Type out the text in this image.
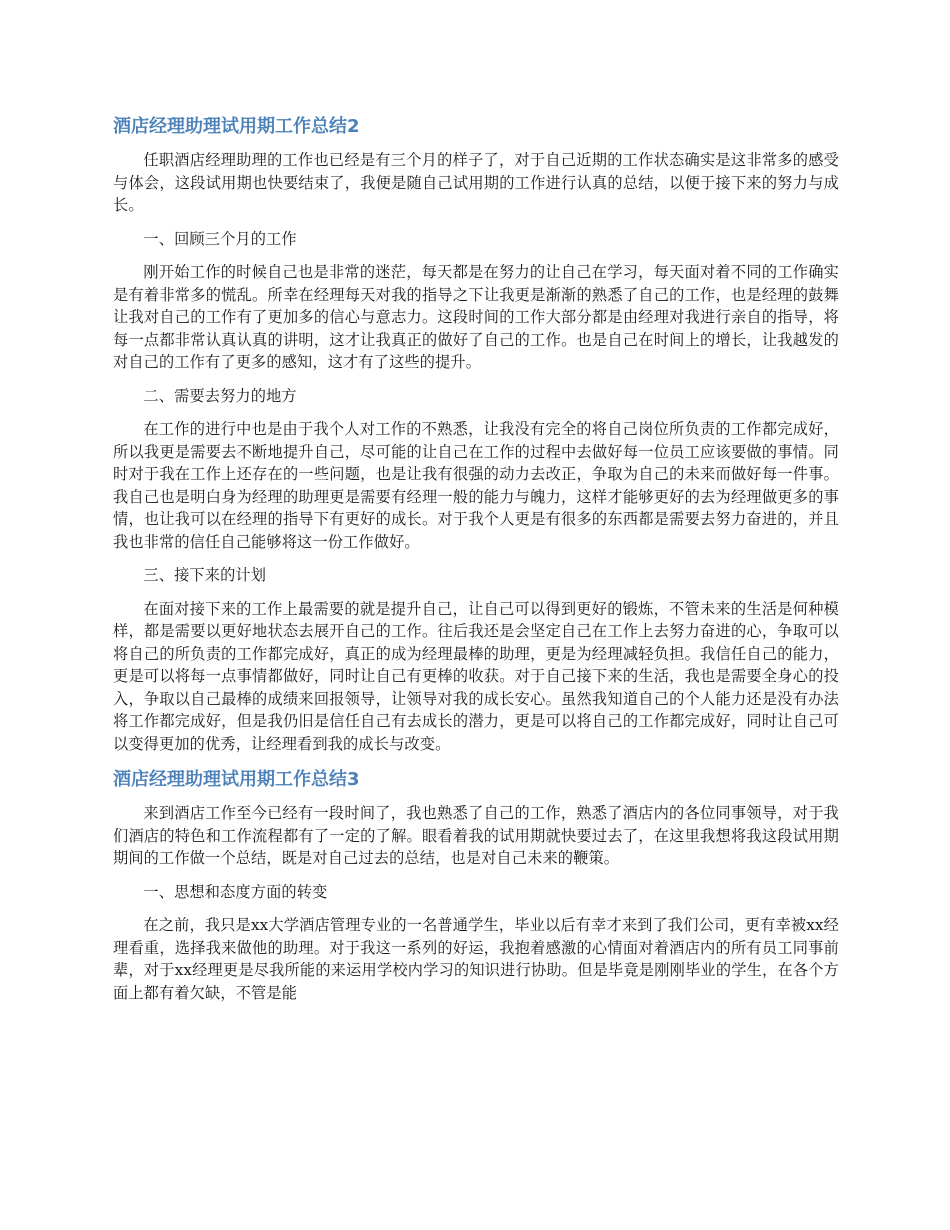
酒店经理助理试用期工作总结2

任职酒店经理助理的工作也已经是有三个月的样子了，对于自己近期的工作状态确实是这非常多的感受与体会，这段试用期也快要结束了，我便是随自己试用期的工作进行认真的总结，以便于接下来的努力与成长。

一、回顾三个月的工作

刚开始工作的时候自己也是非常的迷茫，每天都是在努力的让自己在学习，每天面对着不同的工作确实是有着非常多的慌乱。所幸在经理每天对我的指导之下让我更是渐渐的熟悉了自己的工作，也是经理的鼓舞让我对自己的工作有了更加多的信心与意志力。这段时间的工作大部分都是由经理对我进行亲自的指导，将每一点都非常认真认真的讲明，这才让我真正的做好了自己的工作。也是自己在时间上的增长，让我越发的对自己的工作有了更多的感知，这才有了这些的提升。

二、需要去努力的地方

在工作的进行中也是由于我个人对工作的不熟悉，让我没有完全的将自己岗位所负责的工作都完成好，所以我更是需要去不断地提升自己，尽可能的让自己在工作的过程中去做好每一位员工应该要做的事情。同时对于我在工作上还存在的一些问题，也是让我有很强的动力去改正，争取为自己的未来而做好每一件事。我自己也是明白身为经理的助理更是需要有经理一般的能力与魄力，这样才能够更好的去为经理做更多的事情，也让我可以在经理的指导下有更好的成长。对于我个人更是有很多的东西都是需要去努力奋进的，并且我也非常的信任自己能够将这一份工作做好。

三、接下来的计划

在面对接下来的工作上最需要的就是提升自己，让自己可以得到更好的锻炼，不管未来的生活是何种模样，都是需要以更好地状态去展开自己的工作。往后我还是会坚定自己在工作上去努力奋进的心，争取可以将自己的所负责的工作都完成好，真正的成为经理最棒的助理，更是为经理减轻负担。我信任自己的能力，更是可以将每一点事情都做好，同时让自己有更棒的收获。对于自己接下来的生活，我也是需要全身心的投入，争取以自己最棒的成绩来回报领导，让领导对我的成长安心。虽然我知道自己的个人能力还是没有办法将工作都完成好，但是我仍旧是信任自己有去成长的潜力，更是可以将自己的工作都完成好，同时让自己可以变得更加的优秀，让经理看到我的成长与改变。

酒店经理助理试用期工作总结3

来到酒店工作至今已经有一段时间了，我也熟悉了自己的工作，熟悉了酒店内的各位同事领导，对于我们酒店的特色和工作流程都有了一定的了解。眼看着我的试用期就快要过去了，在这里我想将我这段试用期期间的工作做一个总结，既是对自己过去的总结，也是对自己未来的鞭策。

一、思想和态度方面的转变

在之前，我只是xx大学酒店管理专业的一名普通学生，毕业以后有幸才来到了我们公司，更有幸被xx经理看重，选择我来做他的助理。对于我这一系列的好运，我抱着感激的心情面对着酒店内的所有员工同事前辈，对于xx经理更是尽我所能的来运用学校内学习的知识进行协助。但是毕竟是刚刚毕业的学生，在各个方面上都有着欠缺，不管是能
